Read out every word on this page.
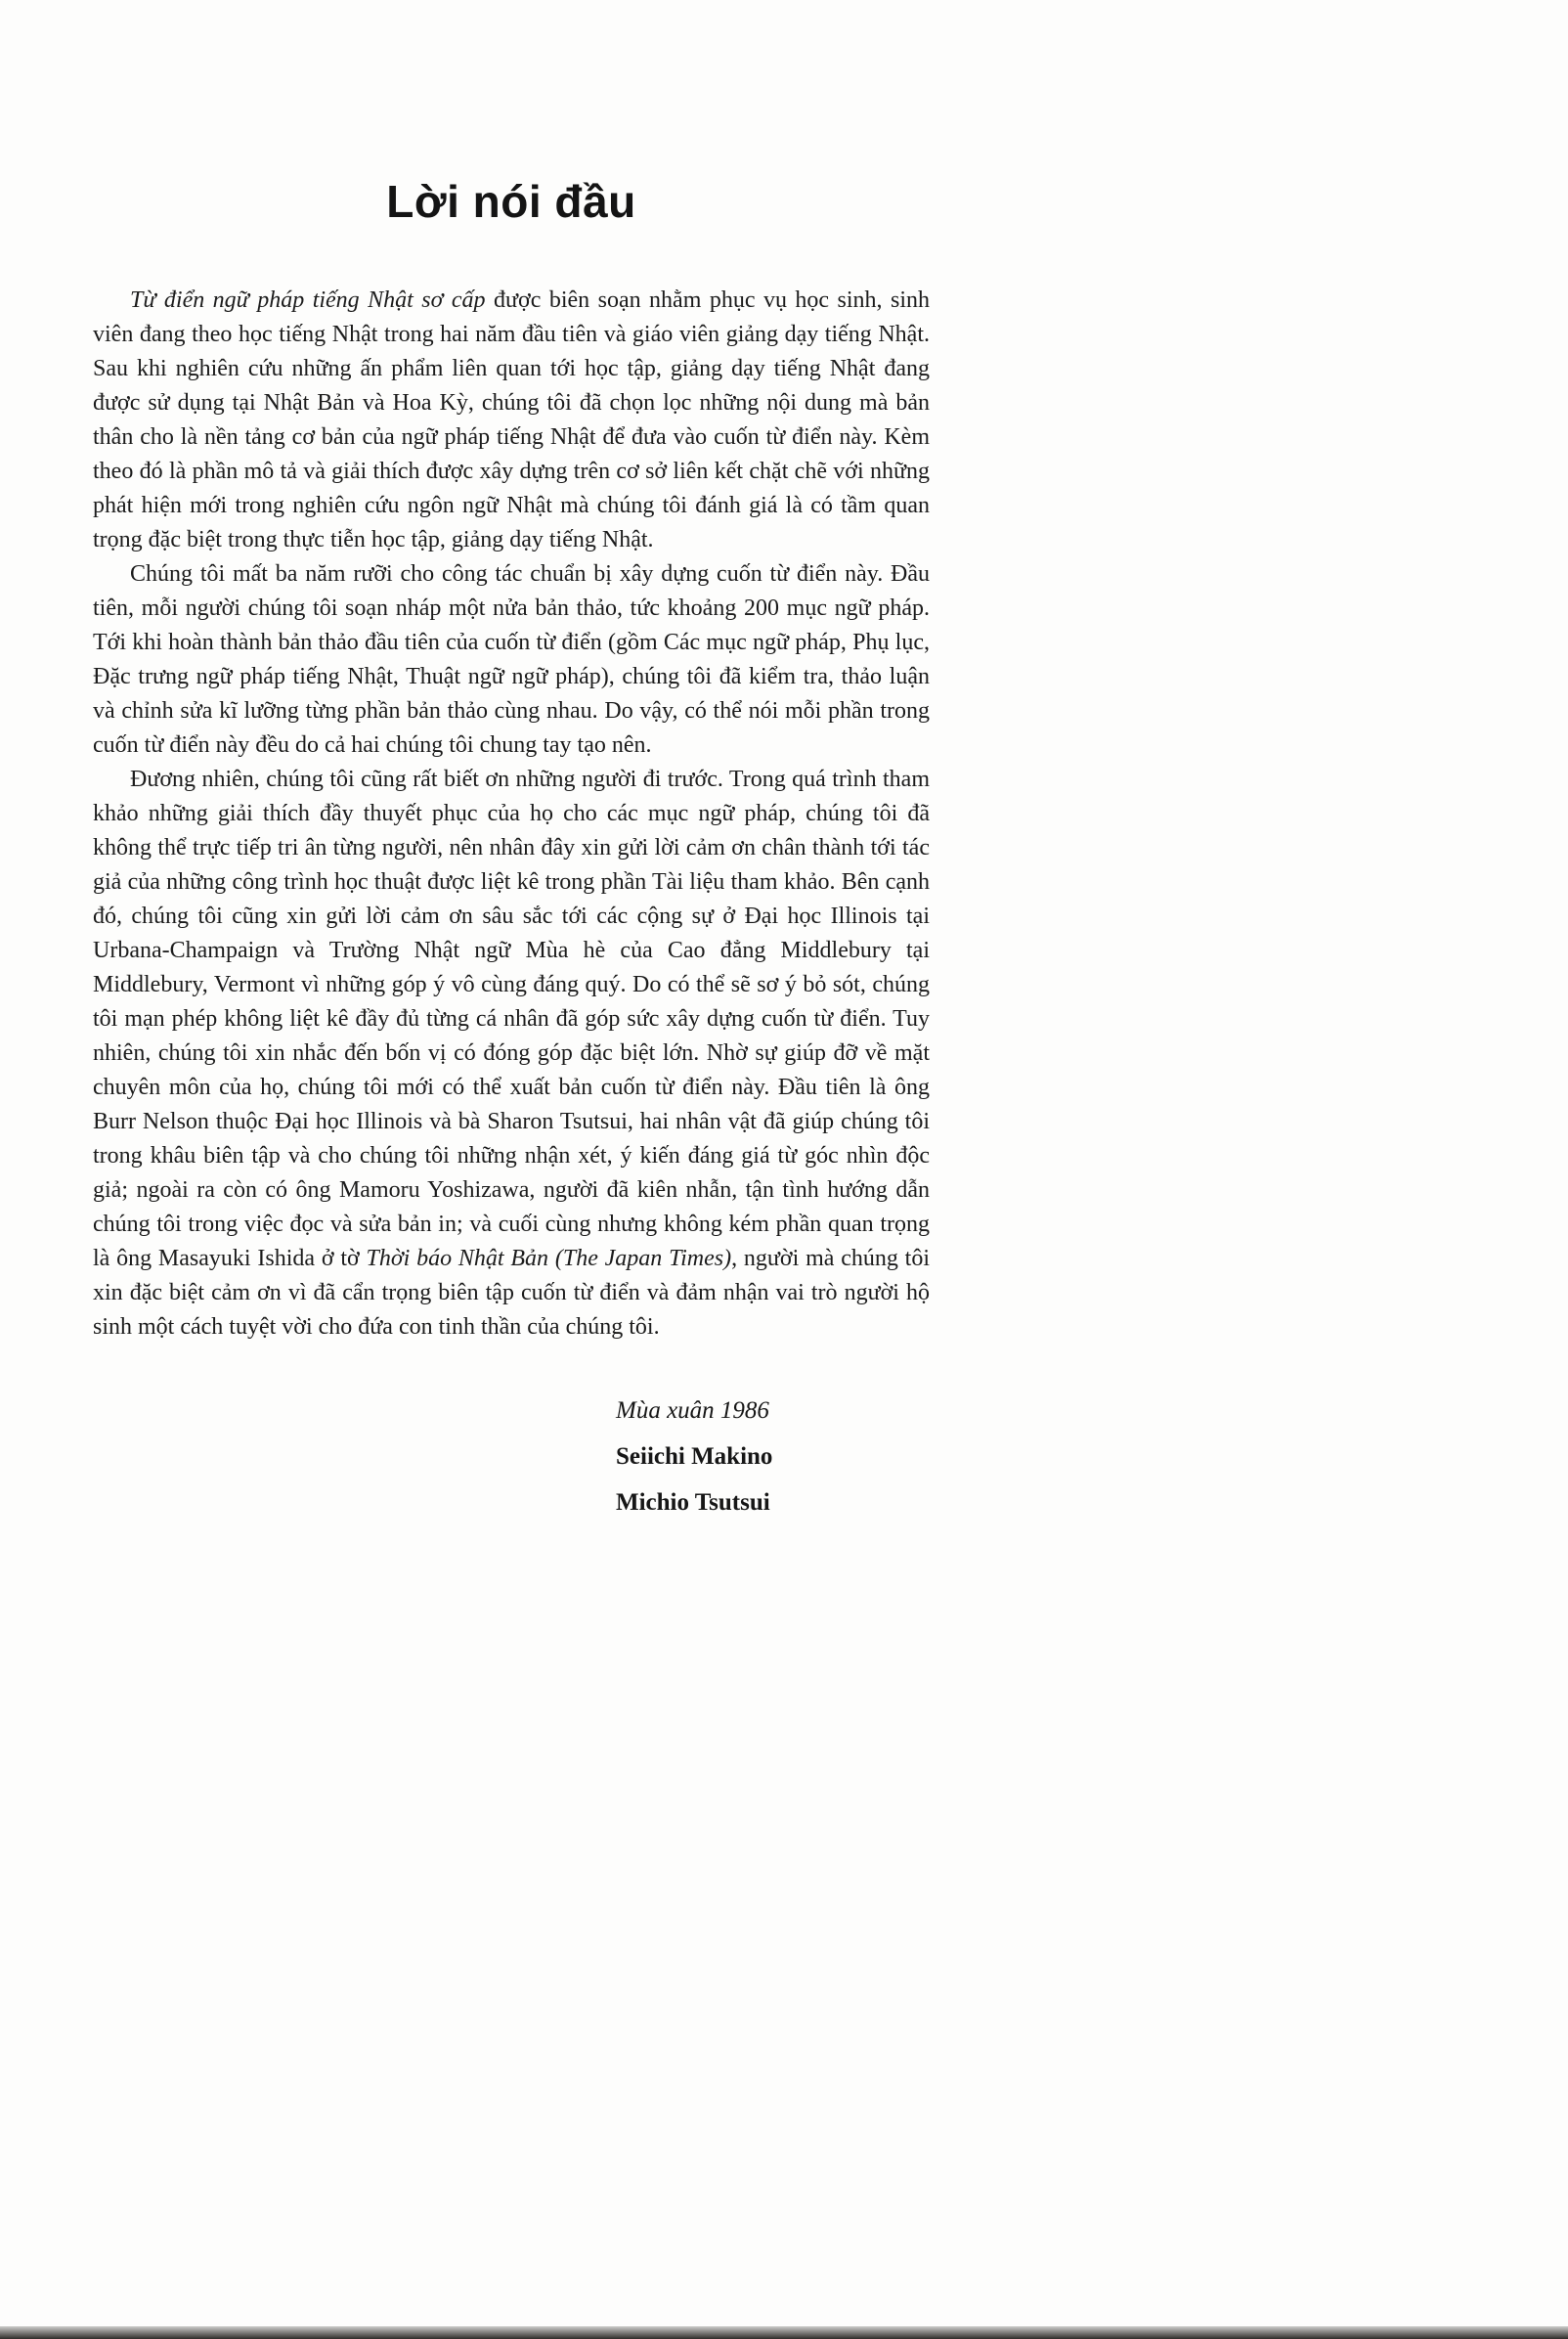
Lời nói đầu

Từ điển ngữ pháp tiếng Nhật sơ cấp được biên soạn nhằm phục vụ học sinh, sinh viên đang theo học tiếng Nhật trong hai năm đầu tiên và giáo viên giảng dạy tiếng Nhật. Sau khi nghiên cứu những ấn phẩm liên quan tới học tập, giảng dạy tiếng Nhật đang được sử dụng tại Nhật Bản và Hoa Kỳ, chúng tôi đã chọn lọc những nội dung mà bản thân cho là nền tảng cơ bản của ngữ pháp tiếng Nhật để đưa vào cuốn từ điển này. Kèm theo đó là phần mô tả và giải thích được xây dựng trên cơ sở liên kết chặt chẽ với những phát hiện mới trong nghiên cứu ngôn ngữ Nhật mà chúng tôi đánh giá là có tầm quan trọng đặc biệt trong thực tiễn học tập, giảng dạy tiếng Nhật.

Chúng tôi mất ba năm rưỡi cho công tác chuẩn bị xây dựng cuốn từ điển này. Đầu tiên, mỗi người chúng tôi soạn nháp một nửa bản thảo, tức khoảng 200 mục ngữ pháp. Tới khi hoàn thành bản thảo đầu tiên của cuốn từ điển (gồm Các mục ngữ pháp, Phụ lục, Đặc trưng ngữ pháp tiếng Nhật, Thuật ngữ ngữ pháp), chúng tôi đã kiểm tra, thảo luận và chỉnh sửa kĩ lưỡng từng phần bản thảo cùng nhau. Do vậy, có thể nói mỗi phần trong cuốn từ điển này đều do cả hai chúng tôi chung tay tạo nên.

Đương nhiên, chúng tôi cũng rất biết ơn những người đi trước. Trong quá trình tham khảo những giải thích đầy thuyết phục của họ cho các mục ngữ pháp, chúng tôi đã không thể trực tiếp tri ân từng người, nên nhân đây xin gửi lời cảm ơn chân thành tới tác giả của những công trình học thuật được liệt kê trong phần Tài liệu tham khảo. Bên cạnh đó, chúng tôi cũng xin gửi lời cảm ơn sâu sắc tới các cộng sự ở Đại học Illinois tại Urbana-Champaign và Trường Nhật ngữ Mùa hè của Cao đẳng Middlebury tại Middlebury, Vermont vì những góp ý vô cùng đáng quý. Do có thể sẽ sơ ý bỏ sót, chúng tôi mạn phép không liệt kê đầy đủ từng cá nhân đã góp sức xây dựng cuốn từ điển. Tuy nhiên, chúng tôi xin nhắc đến bốn vị có đóng góp đặc biệt lớn. Nhờ sự giúp đỡ về mặt chuyên môn của họ, chúng tôi mới có thể xuất bản cuốn từ điển này. Đầu tiên là ông Burr Nelson thuộc Đại học Illinois và bà Sharon Tsutsui, hai nhân vật đã giúp chúng tôi trong khâu biên tập và cho chúng tôi những nhận xét, ý kiến đáng giá từ góc nhìn độc giả; ngoài ra còn có ông Mamoru Yoshizawa, người đã kiên nhẫn, tận tình hướng dẫn chúng tôi trong việc đọc và sửa bản in; và cuối cùng nhưng không kém phần quan trọng là ông Masayuki Ishida ở tờ Thời báo Nhật Bản (The Japan Times), người mà chúng tôi xin đặc biệt cảm ơn vì đã cẩn trọng biên tập cuốn từ điển và đảm nhận vai trò người hộ sinh một cách tuyệt vời cho đứa con tinh thần của chúng tôi.

Mùa xuân 1986
Seiichi Makino
Michio Tsutsui
